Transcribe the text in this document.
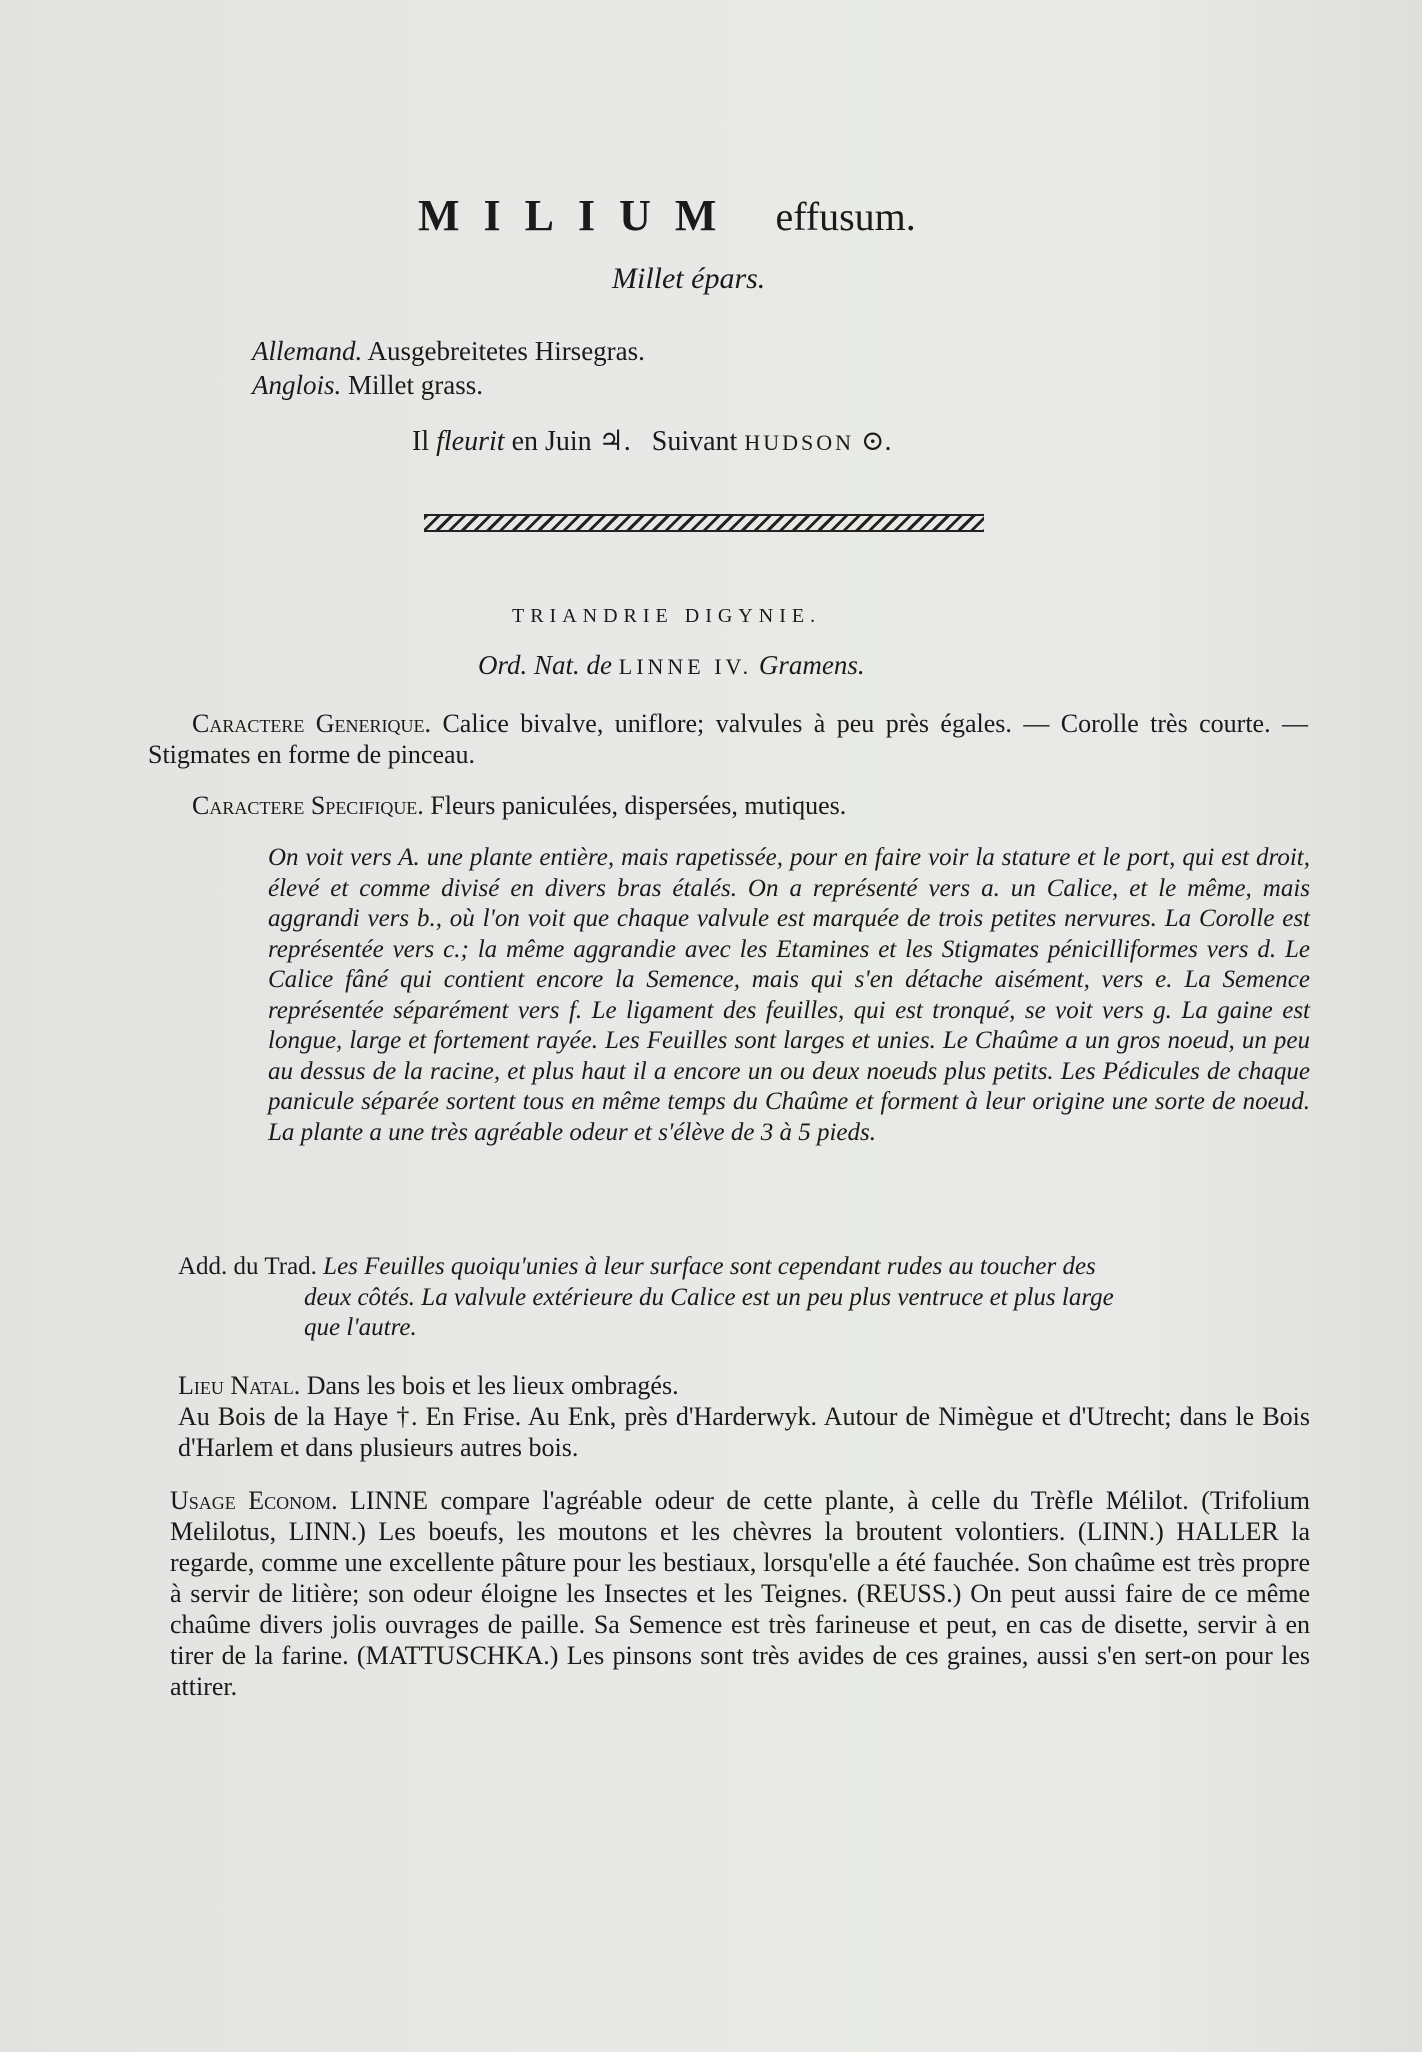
MILIUM effusum.
Millet épars.
Allemand. Ausgebreitetes Hirsegras.
Anglois. Millet grass.
Il fleurit en Juin ♃. Suivant HUDSON ⊙.
TRIANDRIE DIGYNIE.
Ord. Nat. de LINNE IV. Gramens.
Caractere Generique. Calice bivalve, uniflore; valvules à peu près égales. — Corolle très courte. — Stigmates en forme de pinceau.
Caractere Specifique. Fleurs paniculées, dispersées, mutiques.
On voit vers A. une plante entière, mais rapetissée, pour en faire voir la stature et le port, qui est droit, élevé et comme divisé en divers bras étalés. On a représenté vers a. un Calice, et le même, mais aggrandi vers b., où l'on voit que chaque valvule est marquée de trois petites nervures. La Corolle est représentée vers c.; la même aggrandie avec les Etamines et les Stigmates pénicilliformes vers d. Le Calice fâné qui contient encore la Semence, mais qui s'en détache aisément, vers e. La Semence représentée séparément vers f. Le ligament des feuilles, qui est tronqué, se voit vers g. La gaine est longue, large et fortement rayée. Les Feuilles sont larges et unies. Le Chaûme a un gros noeud, un peu au dessus de la racine, et plus haut il a encore un ou deux noeuds plus petits. Les Pédicules de chaque panicule séparée sortent tous en même temps du Chaûme et forment à leur origine une sorte de noeud. La plante a une très agréable odeur et s'élève de 3 à 5 pieds.
Add. du Trad. Les Feuilles quoiqu'unies à leur surface sont cependant rudes au toucher des
deux côtés. La valvule extérieure du Calice est un peu plus ventruce et plus large
que l'autre.
Lieu Natal. Dans les bois et les lieux ombragés.
Au Bois de la Haye †. En Frise. Au Enk, près d'Harderwyk. Autour de Nimègue et d'Utrecht; dans le Bois d'Harlem et dans plusieurs autres bois.
Usage Econom. LINNE compare l'agréable odeur de cette plante, à celle du Trèfle Mélilot. (Trifolium Melilotus, LINN.) Les boeufs, les moutons et les chèvres la broutent volontiers. (LINN.) HALLER la regarde, comme une excellente pâture pour les bestiaux, lorsqu'elle a été fauchée. Son chaûme est très propre à servir de litière; son odeur éloigne les Insectes et les Teignes. (REUSS.) On peut aussi faire de ce même chaûme divers jolis ouvrages de paille. Sa Semence est très farineuse et peut, en cas de disette, servir à en tirer de la farine. (MATTUSCHKA.) Les pinsons sont très avides de ces graines, aussi s'en sert-on pour les attirer.
